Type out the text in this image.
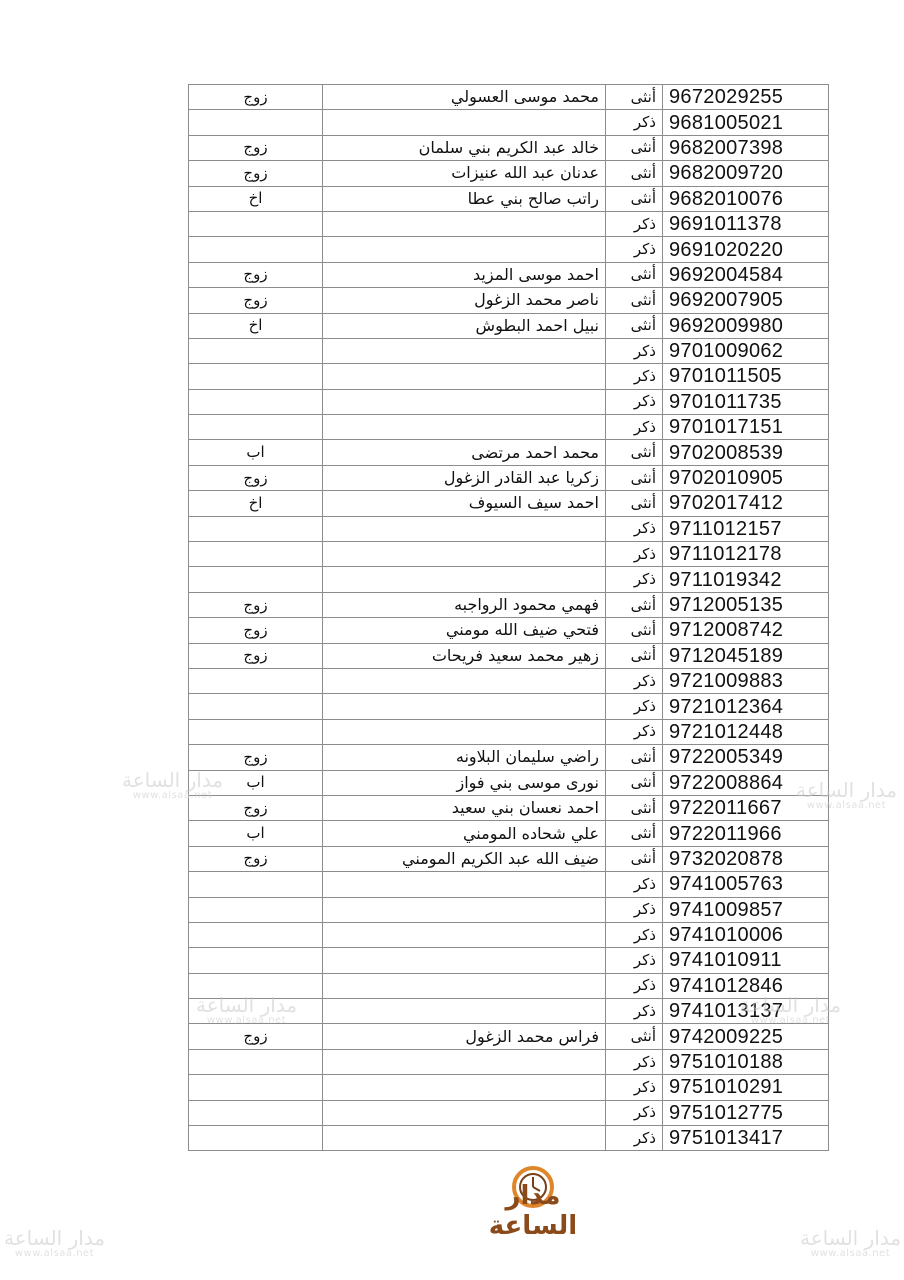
زوج	محمد موسى العسولي	أنثى	9672029255
		ذكر	9681005021
زوج	خالد عبد الكريم بني سلمان	أنثى	9682007398
زوج	عدنان عبد الله عنيزات	أنثى	9682009720
اخ	راتب صالح بني عطا	أنثى	9682010076
		ذكر	9691011378
		ذكر	9691020220
زوج	احمد موسى المزيد	أنثى	9692004584
زوج	ناصر محمد الزغول	أنثى	9692007905
اخ	نبيل احمد البطوش	أنثى	9692009980
		ذكر	9701009062
		ذكر	9701011505
		ذكر	9701011735
		ذكر	9701017151
اب	محمد احمد مرتضى	أنثى	9702008539
زوج	زكريا عبد القادر الزغول	أنثى	9702010905
اخ	احمد سيف السيوف	أنثى	9702017412
		ذكر	9711012157
		ذكر	9711012178
		ذكر	9711019342
زوج	فهمي محمود الرواجبه	أنثى	9712005135
زوج	فتحي ضيف الله مومني	أنثى	9712008742
زوج	زهير محمد سعيد فريحات	أنثى	9712045189
		ذكر	9721009883
		ذكر	9721012364
		ذكر	9721012448
زوج	راضي سليمان البلاونه	أنثى	9722005349
اب	نورى موسى بني فواز	أنثى	9722008864
زوج	احمد نعسان بني سعيد	أنثى	9722011667
اب	علي شحاده المومني	أنثى	9722011966
زوج	ضيف الله عبد الكريم المومني	أنثى	9732020878
		ذكر	9741005763
		ذكر	9741009857
		ذكر	9741010006
		ذكر	9741010911
		ذكر	9741012846
		ذكر	9741013137
زوج	فراس محمد الزغول	أنثى	9742009225
		ذكر	9751010188
		ذكر	9751010291
		ذكر	9751012775
		ذكر	9751013417
مدار الساعة
www.alsaa.net	مدار الساعة
www.alsaa.net
مدار الساعة
www.alsaa.net
مدار الساعة
www.alsaa.net
مدار الساعة
www.alsaa.net
مدار الساعة
www.alsaa.net
مدار الساعة
